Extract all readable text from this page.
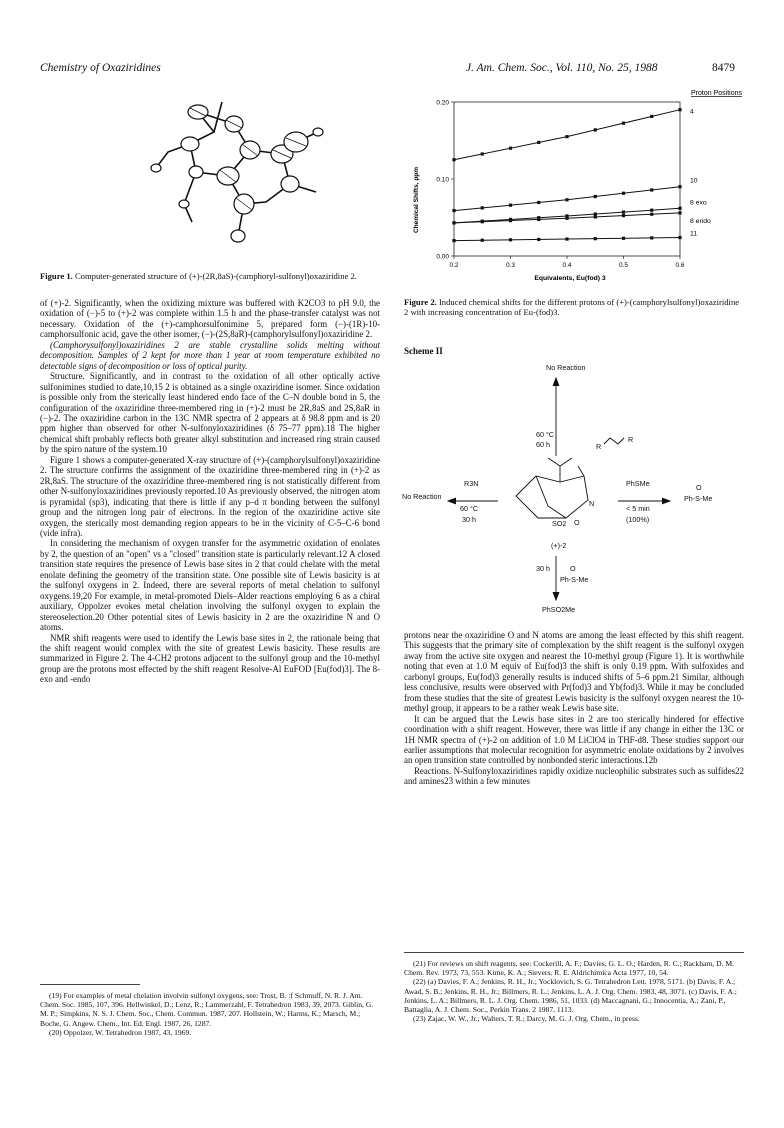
Chemistry of Oxaziridines	J. Am. Chem. Soc., Vol. 110, No. 25, 1988	8479
Figure 1. Computer-generated structure of (+)-(2R,8aS)-(camphoryl-sulfonyl)oxaziridine 2.

of (+)-2. Significantly, when the oxidizing mixture was buffered with K2CO3 to pH 9.0, the oxidation of (−)-5 to (+)-2 was complete within 1.5 h and the phase-transfer catalyst was not necessary. Oxidation of the (+)-camphorsulfonimine 5, prepared form (−)-(1R)-10-camphorsulfonic acid, gave the other isomer, (−)-(2S,8aR)-(camphorylsulfonyl)oxaziridine 2.

(Camphorysulfonyl)oxaziridines 2 are stable crystalline solids melting without decomposition. Samples of 2 kept for more than 1 year at room temperature exhibited no detectable signs of decomposition or loss of optical purity.

Structure. Significantly, and in contrast to the oxidation of all other optically active sulfonimines studied to date,10,15 2 is obtained as a single oxaziridine isomer. Since oxidation is possible only from the sterically least hindered endo face of the C–N double bond in 5, the configuration of the oxaziridine three-membered ring in (+)-2 must be 2R,8aS and 2S,8aR in (−)-2. The oxaziridine carbon in the 13C NMR spectra of 2 appears at δ 98.8 ppm and is 20 ppm higher than observed for other N-sulfonyloxaziridines (δ 75–77 ppm).18 The higher chemical shift probably reflects both greater alkyl substitution and increased ring strain caused by the spiro nature of the system.10

Figure 1 shows a computer-generated X-ray structure of (+)-(camphorylsulfonyl)oxaziridine 2. The structure confirms the assignment of the oxaziridine three-membered ring in (+)-2 as 2R,8aS. The structure of the oxaziridine three-membered ring is not statistically different from other N-sulfonyloxaziridines previously reported.10 As previously observed, the nitrogen atom is pyramidal (sp3), indicating that there is little if any p–d π bonding between the sulfonyl group and the nitrogen long pair of electrons. In the region of the oxaziridine active site oxygen, the sterically most demanding region appears to be in the vicinity of C-5–C-6 bond (vide infra).

In considering the mechanism of oxygen transfer for the asymmetric oxidation of enolates by 2, the question of an "open" vs a "closed" transition state is particularly relevant.12 A closed transition state requires the presence of Lewis base sites in 2 that could chelate with the metal enolate defining the geometry of the transition state. One possible site of Lewis basicity is at the sulfonyl oxygens in 2. Indeed, there are several reports of metal chelation to sulfonyl oxygens.19,20 For example, in metal-promoted Diels–Alder reactions employing 6 as a chiral auxiliary, Oppolzer evokes metal chelation involving the sulfonyl oxygen to explain the stereoselection.20 Other potential sites of Lewis basicity in 2 are the oxaziridine N and O atoms.

NMR shift reagents were used to identify the Lewis base sites in 2, the rationale being that the shift reagent would complex with the site of greatest Lewis basicity. These results are summarized in Figure 2. The 4-CH2 protons adjacent to the sulfonyl group and the 10-methyl group are the protons most effected by the shift reagent Resolve-Al EuFOD [Eu(fod)3]. The 8-exo and -endo

(19) For examples of metal chelation involvin sulfonyl oxygens, see: Trost, B. :f Schmuff, N. R. J. Am. Chem. Soc. 1985, 107, 396. Hellwinkel, D.; Lenz, R.; Lammerzahl, F. Tetrahedron 1983, 39, 2073. Giblin, G. M. P.; Simpkins, N. S. J. Chem. Soc., Chem. Commun. 1987, 207. Hollstein, W.; Harms, K.; Marsch, M.; Boche, G. Angew. Chem., Int. Ed. Engl. 1987, 26, 1287.

(20) Oppolzer, W. Tetrahedron 1987, 43, 1969.

Proton Positions
0.2	0.3	0.4	0.5	0.6
0.00
0.10
0.20
4
10
8 exo
8 endo
11
Chemical Shifts, ppm
Equivalents, Eu(fod) 3
Figure 2. Induced chemical shifts for the different protons of (+)-(camphorylsulfonyl)oxaziridine 2 with increasing concentration of Eu-(fod)3.
Scheme II
No Reaction
60 °C
60 h	R
R
R3N
60 °C
30 h
No Reaction
PhSMe
< 5 min
(100%)
O
Ph-S-Me
N
SO2 O
(+)-2
30 h	O
Ph-S-Me
PhSO2Me

protons near the oxaziridine O and N atoms are among the least effected by this shift reagent. This suggests that the primary site of complexation by the shift reagent is the sulfonyl oxygen away from the active site oxygen and nearest the 10-methyl group (Figure 1). It is worthwhile noting that even at 1.0 M equiv of Eu(fod)3 the shift is only 0.19 ppm. With sulfoxides and carbonyl groups, Eu(fod)3 generally results is induced shifts of 5–6 ppm.21 Similar, although less conclusive, results were observed with Pr(fod)3 and Yb(fod)3. While it may be concluded from these studies that the site of greatest Lewis basicity is the sulfonyl oxygen nearest the 10-methyl group, it appears to be a rather weak Lewis base site.

It can be argued that the Lewis base sites in 2 are too sterically hindered for effective coordination with a shift reagent. However, there was little if any change in either the 13C or 1H NMR spectra of (+)-2 on addition of 1.0 M LiClO4 in THF-d8. These studies support our earlier assumptions that molecular recognition for asymmetric enolate oxidations by 2 involves an open transition state controlled by nonbonded steric interactions.12b

Reactions. N-Sulfonyloxaziridines rapidly oxidize nucleophilic substrates such as sulfides22 and amines23 within a few minutes

(21) For reviews on shift reagents, see: Cockerill, A. F.; Davies, G. L. O.; Harden, R. C.; Rackham, D. M. Chem. Rev. 1973, 73, 553. Kime, K. A.; Sievers, R. E. Aldrichimica Acta 1977, 10, 54.

(22) (a) Davies, F. A.; Jenkins, R. H., Jr.; Yocklovich, S. G. Tetrahedron Lett. 1978, 5171. (b) Davis, F. A.; Awad, S. B.; Jenkins, R. H., Jr.; Billmers, R. L.; Jenkins, L. A. J. Org. Chem. 1983, 48, 3071. (c) Davis, F. A.; Jenkins, L. A.; Billmers, R. L. J. Org. Chem. 1986, 51, 1033. (d) Maccagnani, G.; Innocentia, A.; Zani, P., Battaglia, A. J. Chem. Soc., Perkin Trans. 2 1987, 1113.

(23) Zajac, W. W., Jr.; Walters, T. R.; Darcy, M. G. J. Org. Chem., in press.
